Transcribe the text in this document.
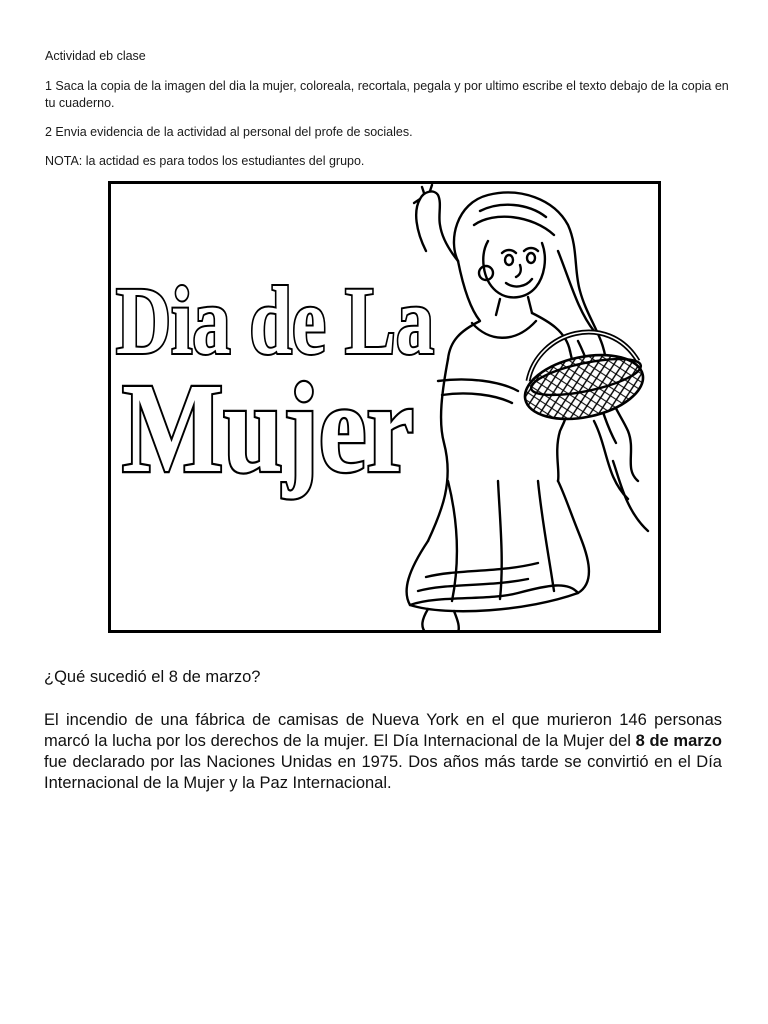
Actividad eb clase
1 Saca la copia de la imagen del dia la mujer, coloreala, recortala, pegala y por ultimo escribe el texto debajo de la copia en tu cuaderno.
2 Envia evidencia de la actividad al personal del profe de sociales.
NOTA: la actidad es para todos los estudiantes del grupo.
Dia de La
Mujer
¿Qué sucedió el 8 de marzo?
El incendio de una fábrica de camisas de Nueva York en el que murieron 146 personas marcó la lucha por los derechos de la mujer. El Día Internacional de la Mujer del 8 de marzo fue declarado por las Naciones Unidas en 1975. Dos años más tarde se convirtió en el Día Internacional de la Mujer y la Paz Internacional.
